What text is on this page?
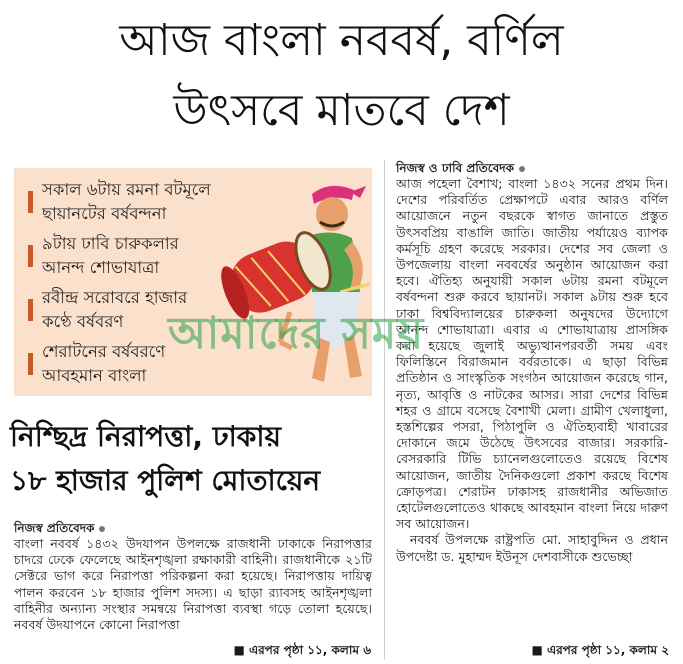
আজ বাংলা নববর্ষ, বর্ণিল
উৎসবে মাতবে দেশ
সকাল ৬টায় রমনা বটমূলে
ছায়ানটের বর্ষবন্দনা
৯টায় ঢাবি চারুকলার
আনন্দ শোভাযাত্রা
রবীন্দ্র সরোবরে হাজার
কণ্ঠে বর্ষবরণ
শেরাটনের বর্ষবরণে
আবহমান বাংলা
নিশ্ছিদ্র নিরাপত্তা, ঢাকায়
১৮ হাজার পুলিশ মোতায়েন
নিজস্ব প্রতিবেদক

বাংলা নববর্ষ ১৪৩২ উদযাপন উপলক্ষে রাজধানী ঢাকাকে নিরাপত্তার চাদরে ঢেকে ফেলেছে আইনশৃঙ্খলা রক্ষাকারী বাহিনী। রাজধানীকে ২১টি সেক্টরে ভাগ করে নিরাপত্তা পরিকল্পনা করা হয়েছে। নিরাপত্তায় দায়িত্ব পালন করবেন ১৮ হাজার পুলিশ সদস্য। এ ছাড়া র‍্যাবসহ আইনশৃঙ্খলা বাহিনীর অন্যান্য সংস্থার সমন্বয়ে নিরাপত্তা ব্যবস্থা গড়ে তোলা হয়েছে। নববর্ষ উদযাপনে কোনো নিরাপত্তা

■ এরপর পৃষ্ঠা ১১, কলাম ৬
নিজস্ব ও ঢাবি প্রতিবেদক

আজ পহেলা বৈশাখ; বাংলা ১৪৩২ সনের প্রথম দিন। দেশের পরিবর্তিত প্রেক্ষাপটে এবার আরও বর্ণিল আয়োজনে নতুন বছরকে স্বাগত জানাতে প্রস্তুত উৎসবপ্রিয় বাঙালি জাতি। জাতীয় পর্যায়েও ব্যাপক কর্মসূচি গ্রহণ করেছে সরকার। দেশের সব জেলা ও উপজেলায় বাংলা নববর্ষের অনুষ্ঠান আয়োজন করা হবে। ঐতিহ্য অনুযায়ী সকাল ৬টায় রমনা বটমূলে বর্ষবন্দনা শুরু করবে ছায়ানট। সকাল ৯টায় শুরু হবে ঢাকা বিশ্ববিদ্যালয়ের চারুকলা অনুষদের উদ্যোগে আনন্দ শোভাযাত্রা। এবার এ শোভাযাত্রায় প্রাসঙ্গিক করা হয়েছে জুলাই অভ্যুত্থানপরবর্তী সময় এবং ফিলিস্তিনে বিরাজমান বর্বরতাকে। এ ছাড়া বিভিন্ন প্রতিষ্ঠান ও সাংস্কৃতিক সংগঠন আয়োজন করেছে গান, নৃত্য, আবৃত্তি ও নাটকের আসর। সারা দেশের বিভিন্ন শহর ও গ্রামে বসেছে বৈশাখী মেলা। গ্রামীণ খেলাধুলা, হস্তশিল্পের পসরা, পিঠাপুলি ও ঐতিহ্যবাহী খাবারের দোকানে জমে উঠেছে উৎসবের বাজার। সরকারি-বেসরকারি টিভি চ্যানেলগুলোতেও রয়েছে বিশেষ আয়োজন, জাতীয় দৈনিকগুলো প্রকাশ করছে বিশেষ ক্রোড়পত্র। শেরাটন ঢাকাসহ রাজধানীর অভিজাত হোটেলগুলোতেও থাকছে আবহমান বাংলা নিয়ে দারুণ সব আয়োজন।

নববর্ষ উপলক্ষে রাষ্ট্রপতি মো. সাহাবুদ্দিন ও প্রধান উপদেষ্টা ড. মুহাম্মদ ইউনূস দেশবাসীকে শুভেচ্ছা

■ এরপর পৃষ্ঠা ১১, কলাম ২
আমাদের সময়
